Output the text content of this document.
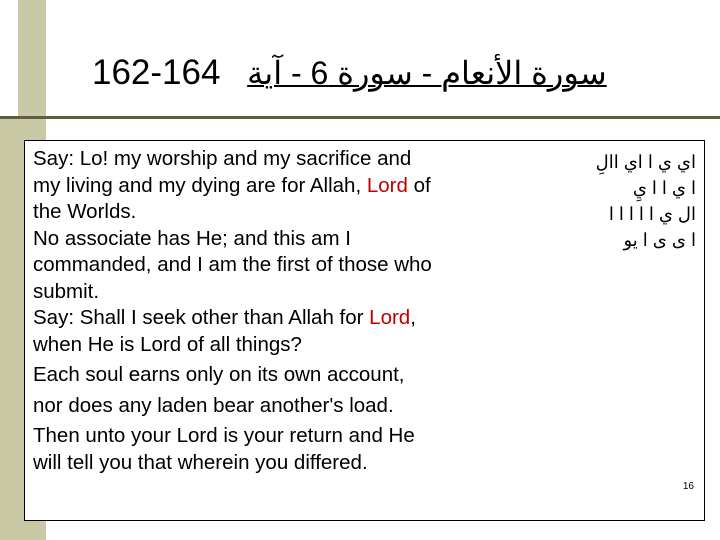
162-164 سورة الأنعام - سورة 6 - آية

Say: Lo! my worship and my sacrifice and

my living and my dying are for Allah, Lord of

the Worlds.

No associate has He; and this am I

commanded, and I am the first of those who

submit.

Say: Shall I seek other than Allah for Lord,

when He is Lord of all things?

Each soul earns only on its own account,

nor does any laden bear another's load.

Then unto your Lord is your return and He

will tell you that wherein you differed.

اي ي ا اي االِ
ا ي ا ا يِ
ال ي ا ا ا ا ا
ا ى ى ا يو
16
